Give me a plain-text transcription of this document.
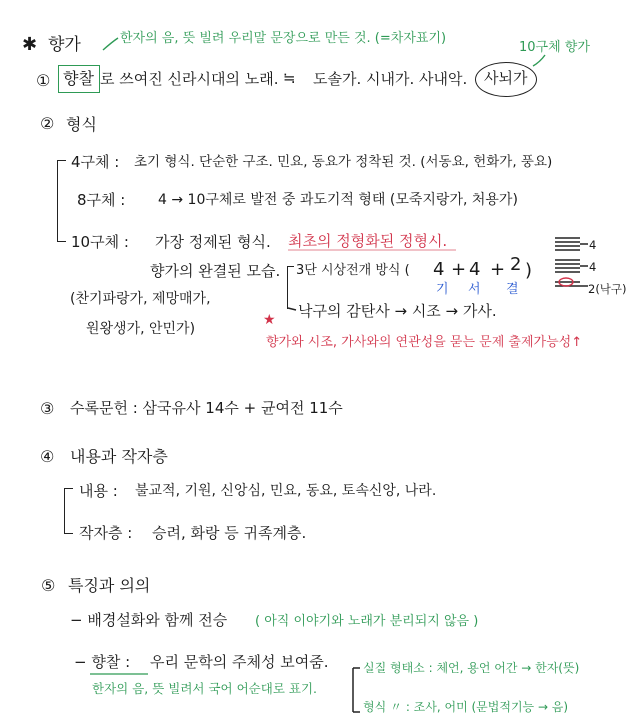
✱ 향가	한자의 음, 뜻 빌려 우리말 문장으로 만든 것. (=차자표기)
10구체 향가
① 향찰 로 쓰여진 신라시대의 노래. ≒ 도솔가. 시내가. 사내악. 사뇌가
② 형식
4구체 : 초기 형식. 단순한 구조. 민요, 동요가 정착된 것. (서동요, 헌화가, 풍요)
8구체 : 4 → 10구체로 발전 중 과도기적 형태 (모죽지랑가, 처용가)
10구체 : 가장 정제된 형식. 최초의 정형화된 정형시.
향가의 완결된 모습.
(찬기파랑가, 제망매가,
원왕생가, 안민가)
3단 시상전개 방식 ( 4 + 4 + 2 )
기 서 결
낙구의 감탄사 → 시조 → 가사.
★
향가와 시조, 가사와의 연관성을 묻는 문제 출제가능성↑
4
4
2(낙구)
③ 수록문헌 : 삼국유사 14수 + 균여전 11수
④ 내용과 작자층
내용 : 불교적, 기원, 신앙심, 민요, 동요, 토속신앙, 나라.
작자층 : 승려, 화랑 등 귀족계층.
⑤ 특징과 의의
− 배경설화와 함께 전승 ( 아직 이야기와 노래가 분리되지 않음 )
− 향찰 : 우리 문학의 주체성 보여줌.
한자의 음, 뜻 빌려서 국어 어순대로 표기.
실질 형태소 : 체언, 용언 어간 → 한자(뜻)
형식 〃 : 조사, 어미 (문법적기능 → 음)
